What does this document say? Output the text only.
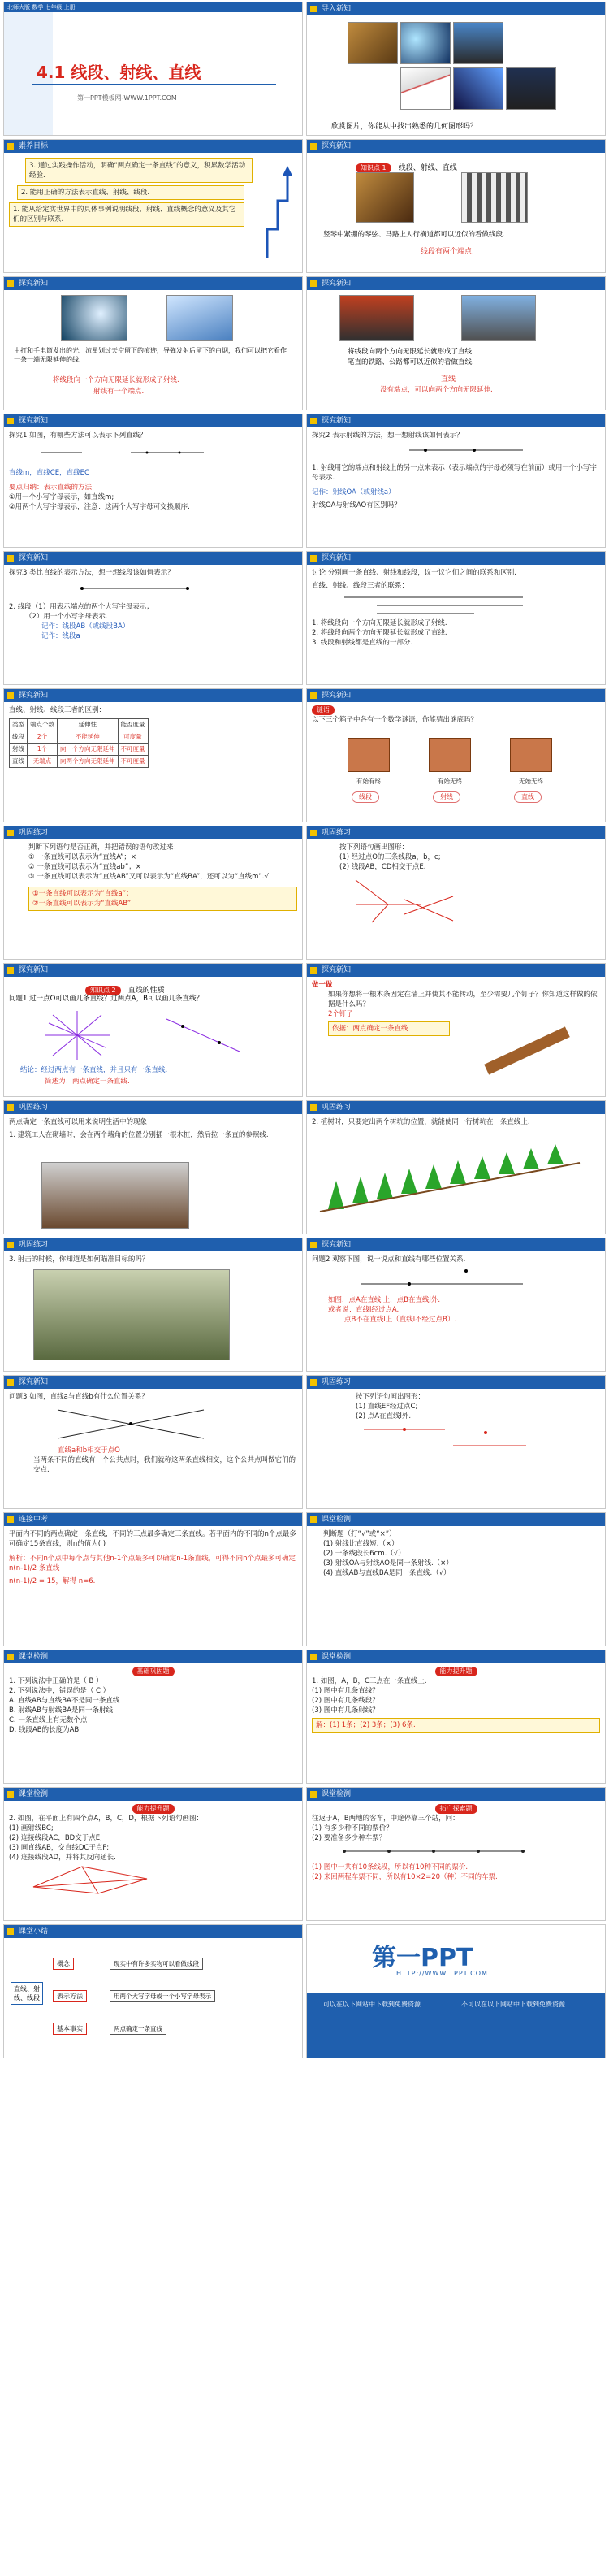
北师大版 数学 七年级 上册
4.1 线段、射线、直线
第一PPT模板网-WWW.1PPT.COM
导入新知
欣赏图片，你能从中找出熟悉的几何图形吗？
素养目标
3. 通过实践操作活动，明确“两点确定一条直线”的意义，积累数学活动经验.
2. 能用正确的方法表示直线、射线、线段.
1. 能从给定实世界中的具体事例说明线段、射线、直线概念的意义及其它们的区别与联系.
探究新知
知识点 1 线段、射线、直线
竖琴中紧绷的琴弦、马路上人行横道都可以近似的看做线段.
线段有两个端点.
探究新知
由打和手电筒发出的光、流星划过天空留下的痕迹，导弹发射后留下的白烟，我们可以把它看作一条一端无限延伸的线.
将线段向一个方向无限延长就形成了射线.
射线有一个端点.
探究新知
将线段向两个方向无限延长就形成了直线.
笔直的铁路、公路都可以近似的看做直线.
直线
没有端点，可以向两个方向无限延伸.
探究新知
探究1 如图，有哪些方法可以表示下列直线？
直线m，直线CE，直线EC
要点归纳：表示直线的方法
①用一个小写字母表示，如直线m;
②用两个大写字母表示，注意：这两个大写字母可交换顺序.
探究新知
探究2 表示射线的方法，想一想射线该如何表示？
1. 射线用它的端点和射线上的另一点来表示（表示端点的字母必须写在前面）或用一个小写字母表示.
记作：射线OA（或射线a）
射线OA与射线AO有区别吗？
探究新知
探究3 类比直线的表示方法，想一想线段该如何表示？
2. 线段（1）用表示端点的两个大写字母表示；
（2）用一个小写字母表示.
记作：线段AB（或线段BA）
记作：线段a
探究新知
讨论 分别画一条直线、射线和线段，议一议它们之间的联系和区别.
直线、射线、线段三者的联系：
1. 将线段向一个方向无限延长就形成了射线.
2. 将线段向两个方向无限延长就形成了直线.
3. 线段和射线都是直线的一部分.
探究新知
直线、射线、线段三者的区别：
类型	端点个数	延伸性	能否度量
线段	2个	不能延伸	可度量
射线	1个	向一个方向无限延伸	不可度量
直线	无端点	向两个方向无限延伸	不可度量
探究新知
谜语
以下三个箱子中各有一个数学谜语，你能猜出谜底吗？
有始有终	有始无终	无始无终
线段	射线	直线
巩固练习
判断下列语句是否正确，并把错误的语句改过来：
① 一条直线可以表示为“直线A”；×
② 一条直线可以表示为“直线ab”；×
③ 一条直线可以表示为“直线AB”又可以表示为“直线BA”，还可以为“直线m”.√
①一条直线可以表示为“直线a”；
②一条直线可以表示为“直线AB”.
巩固练习
按下列语句画出图形：
(1) 经过点O的三条线段a，b，c;
(2) 线段AB，CD相交于点E.
探究新知
知识点 2 直线的性质
问题1 过一点O可以画几条直线？过两点A，B可以画几条直线？
结论：经过两点有一条直线，并且只有一条直线.
简述为：两点确定一条直线.
探究新知
做一做
如果你想将一根木条固定在墙上并使其不能转动，至少需要几个钉子？你知道这样做的依据是什么吗？
2个钉子
依据：两点确定一条直线
巩固练习
两点确定一条直线可以用来说明生活中的现象
1. 建筑工人在砌墙时，会在两个墙角的位置分别插一根木桩，然后拉一条直的参照线.
巩固练习
2. 植树时，只要定出两个树坑的位置，就能使同一行树坑在一条直线上.
巩固练习
3. 射击的时候，你知道是如何瞄准目标的吗？
探究新知
问题2 观察下图，说一说点和直线有哪些位置关系.
如图，点A在直线l上，点B在直线l外.
或者说：直线l经过点A.
点B不在直线l上（直线l不经过点B）.
探究新知
问题3 如图，直线a与直线b有什么位置关系？
直线a和b相交于点O
当两条不同的直线有一个公共点时，我们就称这两条直线相交，这个公共点叫做它们的交点.
巩固练习
按下列语句画出图形：
(1) 直线EF经过点C;
(2) 点A在直线l外.
连接中考
平面内不同的两点确定一条直线，不同的三点最多确定三条直线。若平面内的不同的n个点最多可确定15条直线，则n的值为( )
解析：不同n个点中每个点与其他n-1个点最多可以确定n-1条直线，可得不同n个点最多可确定 n(n-1)/2 条直线
n(n-1)/2 = 15，解得 n=6.
课堂检测
判断题（打“√”或“×”）
(1) 射线比直线短.（×）
(2) 一条线段长6cm.（√）
(3) 射线OA与射线AO是同一条射线.（×）
(4) 直线AB与直线BA是同一条直线.（√）
课堂检测
基础巩固题
1. 下列说法中正确的是（ B ）
2. 下列说法中，错误的是（ C ）
A. 直线AB与直线BA不是同一条直线
B. 射线AB与射线BA是同一条射线
C. 一条直线上有无数个点
D. 线段AB的长度为AB
课堂检测
能力提升题
1. 如图，A，B，C三点在一条直线上.
(1) 图中有几条直线？
(2) 图中有几条线段？
(3) 图中有几条射线？
解：(1) 1条；(2) 3条；(3) 6条.
课堂检测
能力提升题
2. 如图，在平面上有四个点A，B，C，D，根据下列语句画图：
(1) 画射线BC;
(2) 连接线段AC，BD交于点E;
(3) 画直线AB，交直线DC于点F;
(4) 连接线段AD，并将其反向延长.
课堂检测
拓广探索题
往返于A，B两地的客车，中途停靠三个站，问：
(1) 有多少种不同的票价？
(2) 要准备多少种车票？
(1) 图中一共有10条线段，所以有10种不同的票价.
(2) 来回两程车票不同，所以有10×2=20（种）不同的车票.
课堂小结
直线、射线、线段
概念
表示方法
基本事实
现实中有许多实物可以看做线段
用两个大写字母或一个小写字母表示
两点确定一条直线
第一PPT
HTTP://WWW.1PPT.COM
可以在以下网站中下载到免费资源	不可以在以下网站中下载到免费资源
